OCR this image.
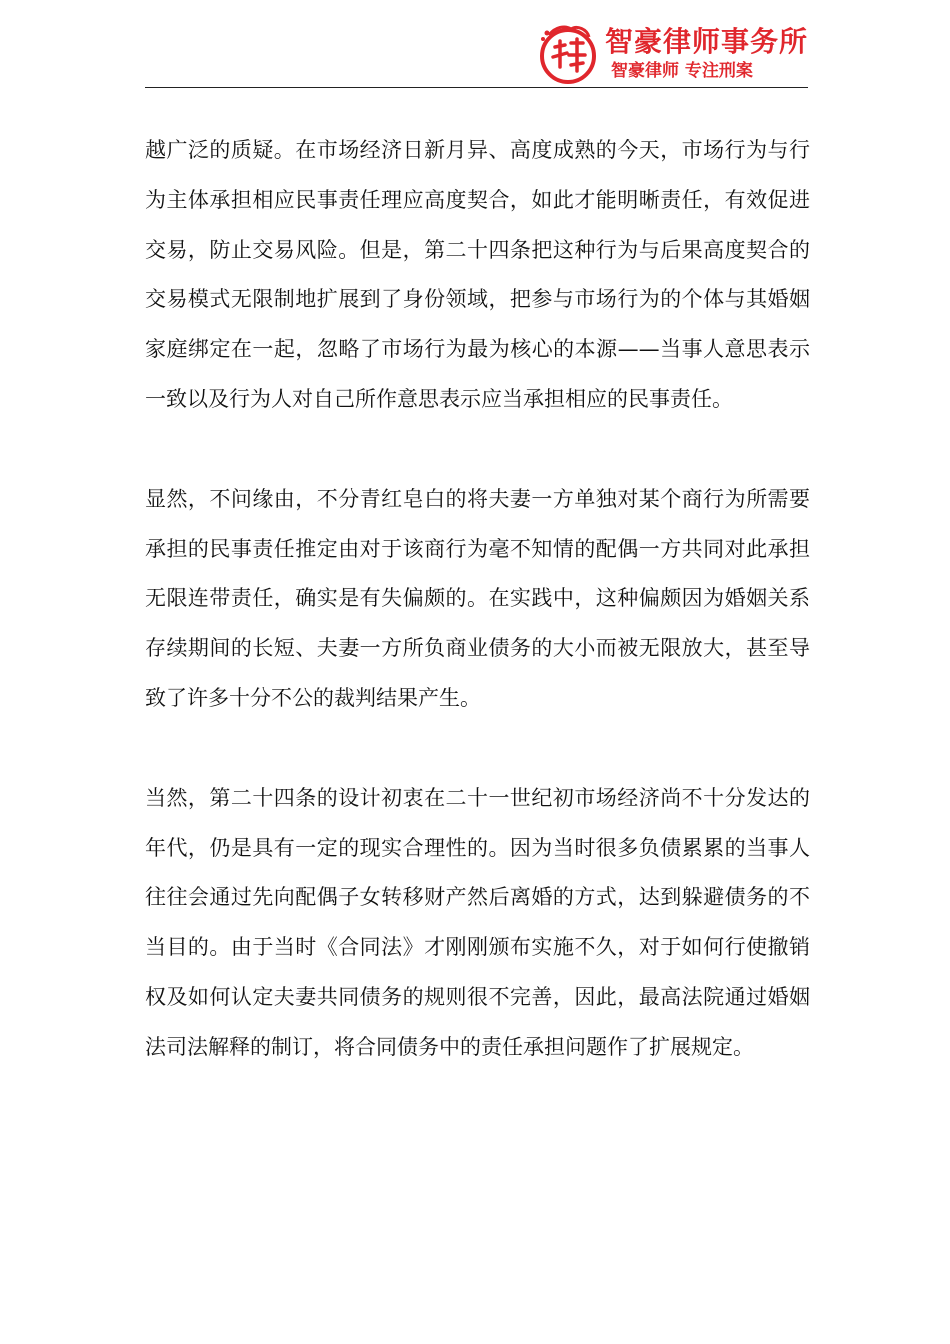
智豪律师事务所
智豪律师 专注刑案

越广泛的质疑。在市场经济日新月异、高度成熟的今天，市场行为与行为主体承担相应民事责任理应高度契合，如此才能明晰责任，有效促进交易，防止交易风险。但是，第二十四条把这种行为与后果高度契合的交易模式无限制地扩展到了身份领域，把参与市场行为的个体与其婚姻家庭绑定在一起，忽略了市场行为最为核心的本源——当事人意思表示一致以及行为人对自己所作意思表示应当承担相应的民事责任。

显然，不问缘由，不分青红皂白的将夫妻一方单独对某个商行为所需要承担的民事责任推定由对于该商行为毫不知情的配偶一方共同对此承担无限连带责任，确实是有失偏颇的。在实践中，这种偏颇因为婚姻关系存续期间的长短、夫妻一方所负商业债务的大小而被无限放大，甚至导致了许多十分不公的裁判结果产生。

当然，第二十四条的设计初衷在二十一世纪初市场经济尚不十分发达的年代，仍是具有一定的现实合理性的。因为当时很多负债累累的当事人往往会通过先向配偶子女转移财产然后离婚的方式，达到躲避债务的不当目的。由于当时《合同法》才刚刚颁布实施不久，对于如何行使撤销权及如何认定夫妻共同债务的规则很不完善，因此，最高法院通过婚姻法司法解释的制订，将合同债务中的责任承担问题作了扩展规定。
